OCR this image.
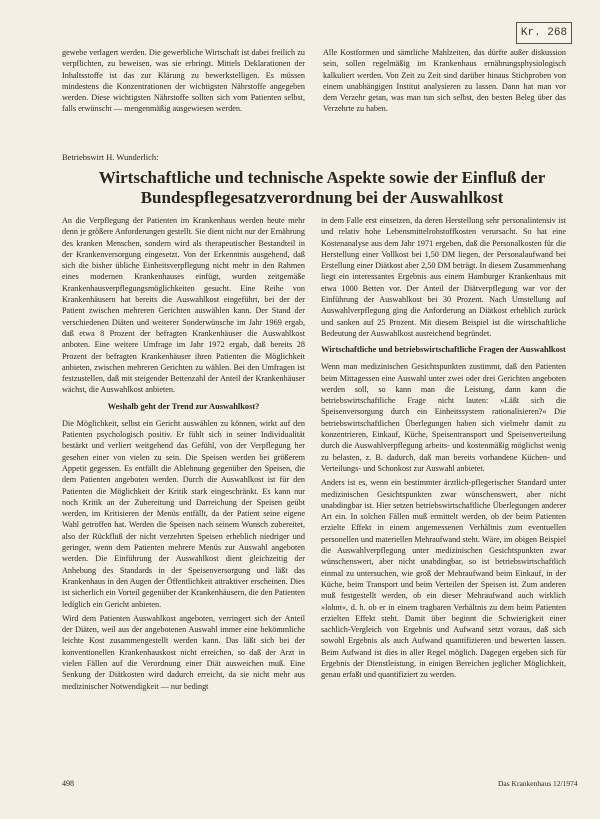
Kr. 268

gewebe verlagert werden. Die gewerbliche Wirtschaft ist dabei freilich zu verpflichten, zu beweisen, was sie erbringt. Mittels Deklarationen der Inhaltsstoffe ist das zur Klärung zu bewerkstelligen. Es müssen mindestens die Konzentrationen der wichtigsten Nährstoffe angegeben werden. Diese wichtigsten Nährstoffe sollten sich vom Patienten selbst, falls erwünscht — mengenmäßig ausgewiesen werden.

Alle Kostformen und sämtliche Mahlzeiten, das dürfte außer diskussion sein, sollen regelmäßig im Krankenhaus ernährungsphysiologisch kalkuliert werden. Von Zeit zu Zeit sind darüber hinaus Stichproben von einem unabhängigen Institut analysieren zu lassen. Dann hat man vor dem Verzehr getan, was man tun sich selbst, den besten Beleg über das Verzehrte zu haben.

Betriebswirt H. Wunderlich:
Wirtschaftliche und technische Aspekte sowie der Einfluß der Bundespflegesatzverordnung bei der Auswahlkost

An die Verpflegung der Patienten im Krankenhaus werden heute mehr denn je größere Anforderungen gestellt. Sie dient nicht nur der Ernährung des kranken Menschen, sondern wird als therapeutischer Bestandteil in der Krankenversorgung eingesetzt. Von der Erkenntnis ausgehend, daß sich die bisher übliche Einheitsverpflegung nicht mehr in den Rahmen eines modernen Krankenhauses einfügt, wurden zeitgemäße Krankenhausverpflegungsmöglichkeiten gesucht. Eine Reihe von Krankenhäusern hat bereits die Auswahlkost eingeführt, bei der der Patient zwischen mehreren Gerichten auswählen kann. Der Stand der verschiedenen Diäten und weiterer Sonderwünsche im Jahr 1969 ergab, daß etwa 8 Prozent der befragten Krankenhäuser die Auswahlkost anboten. Eine weitere Umfrage im Jahr 1972 ergab, daß bereits 28 Prozent der befragten Krankenhäuser ihren Patienten die Möglichkeit anbieten, zwischen mehreren Gerichten zu wählen. Bei den Umfragen ist festzustellen, daß mit steigender Bettenzahl der Anteil der Krankenhäuser wächst, die Auswahlkost anbieten.

Weshalb geht der Trend zur Auswahlkost?

Die Möglichkeit, selbst ein Gericht auswählen zu können, wirkt auf den Patienten psychologisch positiv. Er fühlt sich in seiner Individualität bestärkt und verliert weitgehend das Gefühl, von der Verpflegung her gesehen einer von vielen zu sein. Die Speisen werden bei größerem Appetit gegessen. Es entfällt die Ablehnung gegenüber den Speisen, die dem Patienten angeboten werden. Durch die Auswahlkost ist für den Patienten die Möglichkeit der Kritik stark eingeschränkt. Es kann nur noch Kritik an der Zubereitung und Darreichung der Speisen geübt werden, im Kritisieren der Menüs entfällt, da der Patient seine eigene Wahl getroffen hat. Werden die Speisen nach seinem Wunsch zubereitet, also der Rückfluß der nicht verzehrten Speisen erheblich niedriger und geringer, wenn dem Patienten mehrere Menüs zur Auswahl angeboten werden. Die Einführung der Auswahlkost dient gleichzeitig der Anhebung des Standards in der Speisenversorgung und läßt das Krankenhaus in den Augen der Öffentlichkeit attraktiver erscheinen. Dies ist sicherlich ein Vorteil gegenüber der Krankenhäusern, die den Patienten lediglich ein Gericht anbieten.

Wird dem Patienten Auswahlkost angeboten, verringert sich der Anteil der Diäten, weil aus der angebotenen Auswahl immer eine bekömmliche leichte Kost zusammengestellt werden kann. Das läßt sich bei der konventionellen Krankenhauskost nicht erreichen, so daß der Arzt in vielen Fällen auf die Verordnung einer Diät ausweichen muß. Eine Senkung der Diätkosten wird dadurch erreicht, da sie nicht mehr aus medizinischer Notwendigkeit — nur bedingt

in dem Falle erst einsetzen, da deren Herstellung sehr personalintensiv ist und relativ hohe Lebensmittelrohstoffkosten verursacht. So hat eine Kostenanalyse aus dem Jahr 1971 ergeben, daß die Personalkosten für die Herstellung einer Vollkost bei 1,50 DM liegen, der Personalaufwand bei Erstellung einer Diätkost aber 2,50 DM beträgt. In diesem Zusammenhang liegt ein interessantes Ergebnis aus einem Hamburger Krankenhaus mit etwa 1000 Betten vor. Der Anteil der Diätverpflegung war vor der Einführung der Auswahlkost bei 30 Prozent. Nach Umstellung auf Auswahlverpflegung ging die Anforderung an Diätkost erheblich zurück und sanken auf 25 Prozent. Mit diesem Beispiel ist die wirtschaftliche Bedeutung der Auswahlkost ausreichend begründet.

Wirtschaftliche und betriebswirtschaftliche Fragen der Auswahlkost

Wenn man medizinischen Gesichtspunkten zustimmt, daß den Patienten beim Mittagessen eine Auswahl unter zwei oder drei Gerichten angeboten werden soll, so kann man die Leistung, dann kann die betriebswirtschaftliche Frage nicht lauten: »Läßt sich die Speisenversorgung durch ein Einheitssystem rationalisieren?« Die betriebswirtschaftlichen Überlegungen haben sich vielmehr damit zu konzentrieren, Einkauf, Küche, Speisentransport und Speisenverteilung durch die Auswahlverpflegung arbeits- und kostenmäßig möglichst wenig zu belasten, z. B. dadurch, daß man bereits vorhandene Küchen- und Verteilungs- und Schonkost zur Auswahl anbietet.

Anders ist es, wenn ein bestimmter ärztlich-pflegerischer Standard unter medizinischen Gesichtspunkten zwar wünschenswert, aber nicht unabdingbar ist. Hier setzen betriebswirtschaftliche Überlegungen anderer Art ein. In solchen Fällen muß ermittelt werden, ob der beim Patienten erzielte Effekt in einem angemessenen Verhältnis zum eventuellen personellen und materiellen Mehraufwand steht. Wäre, im obigen Beispiel die Auswahlverpflegung unter medizinischen Gesichtspunkten zwar wünschenswert, aber nicht unabdingbar, so ist betriebswirtschaftlich einmal zu untersuchen, wie groß der Mehraufwand beim Einkauf, in der Küche, beim Transport und beim Verteilen der Speisen ist. Zum anderen muß festgestellt werden, ob ein dieser Mehraufwand auch wirklich »lohnt«, d. h. ob er in einem tragbaren Verhältnis zu dem beim Patienten erzielten Effekt steht. Damit über beginnt die Schwierigkeit einer sachlich-Vergleich von Ergebnis und Aufwand setzt voraus, daß sich sowohl Ergebnis als auch Aufwand quantifizieren und bewerten lassen. Beim Aufwand ist dies in aller Regel möglich. Dagegen ergeben sich für Ergebnis der Dienstleistung, in einigen Bereichen jeglicher Möglichkeit, genau erfaßt und quantifiziert zu werden.

498	Das Krankenhaus 12/1974
